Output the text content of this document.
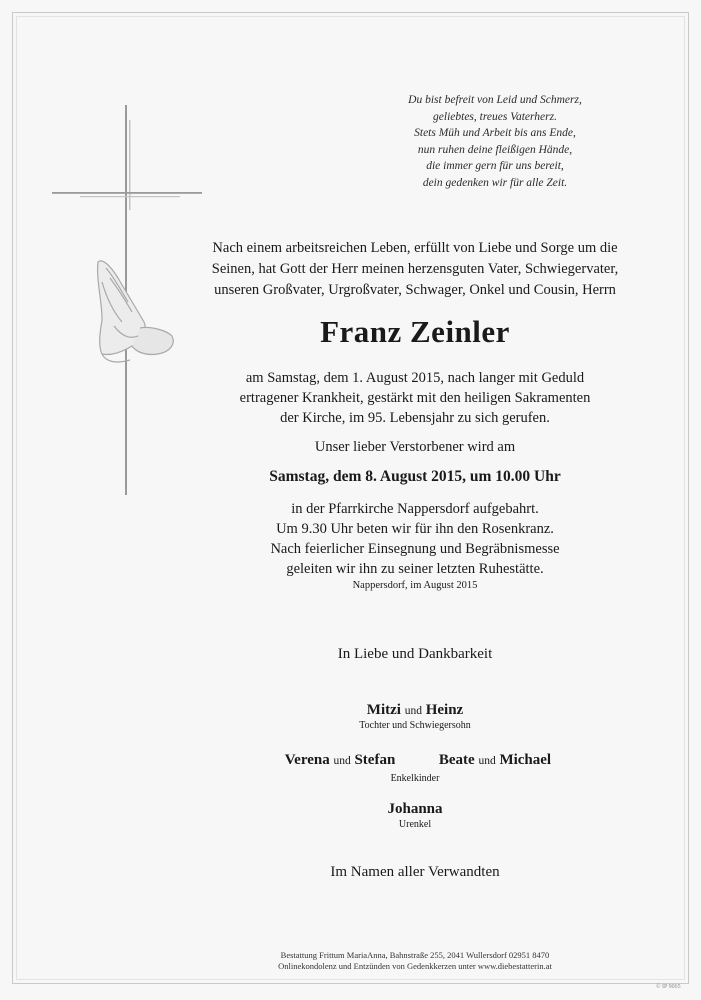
Du bist befreit von Leid und Schmerz,
geliebtes, treues Vaterherz.
Stets Müh und Arbeit bis ans Ende,
nun ruhen deine fleißigen Hände,
die immer gern für uns bereit,
dein gedenken wir für alle Zeit.
Nach einem arbeitsreichen Leben, erfüllt von Liebe und Sorge um die
Seinen, hat Gott der Herr meinen herzensguten Vater, Schwiegervater,
unseren Großvater, Urgroßvater, Schwager, Onkel und Cousin, Herrn
Franz Zeinler
am Samstag, dem 1. August 2015, nach langer mit Geduld
ertragener Krankheit, gestärkt mit den heiligen Sakramenten
der Kirche, im 95. Lebensjahr zu sich gerufen.
Unser lieber Verstorbener wird am
Samstag, dem 8. August 2015, um 10.00 Uhr
in der Pfarrkirche Nappersdorf aufgebahrt.
Um 9.30 Uhr beten wir für ihn den Rosenkranz.
Nach feierlicher Einsegnung und Begräbnismesse
geleiten wir ihn zu seiner letzten Ruhestätte.
Nappersdorf, im August 2015
In Liebe und Dankbarkeit
Mitzi und Heinz
Tochter und Schwiegersohn
Verena und Stefan	Beate und Michael
Enkelkinder
Johanna
Urenkel
Im Namen aller Verwandten
Bestattung Frittum MariaAnna, Bahnstraße 255, 2041 Wullersdorf 02951 8470
Onlinekondolenz und Entzünden von Gedenkkerzen unter www.diebestatterin.at
© IP 9065
